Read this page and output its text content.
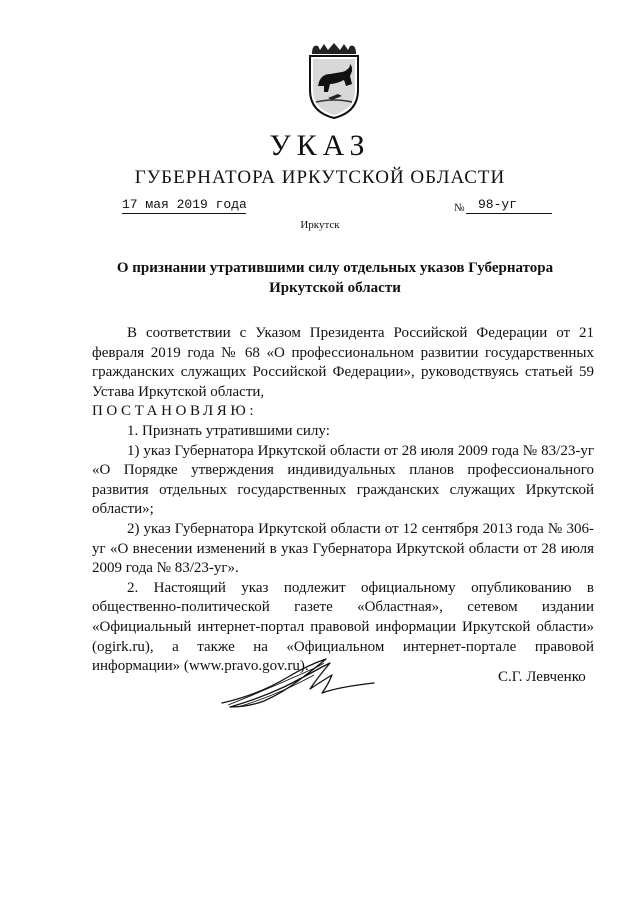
УКАЗ
ГУБЕРНАТОРА ИРКУТСКОЙ ОБЛАСТИ
17 мая 2019 года	№	98-уг
Иркутск
О признании утратившими силу отдельных указов Губернатора Иркутской области

В соответствии с Указом Президента Российской Федерации от 21 февраля 2019 года № 68 «О профессиональном развитии государственных гражданских служащих Российской Федерации», руководствуясь статьей 59 Устава Иркутской области,

ПОСТАНОВЛЯЮ:

1. Признать утратившими силу:

1) указ Губернатора Иркутской области от 28 июля 2009 года № 83/23-уг «О Порядке утверждения индивидуальных планов профессионального развития отдельных государственных гражданских служащих Иркутской области»;

2) указ Губернатора Иркутской области от 12 сентября 2013 года № 306-уг «О внесении изменений в указ Губернатора Иркутской области от 28 июля 2009 года № 83/23-уг».

2. Настоящий указ подлежит официальному опубликованию в общественно-политической газете «Областная», сетевом издании «Официальный интернет-портал правовой информации Иркутской области» (ogirk.ru), а также на «Официальном интернет-портале правовой информации» (www.pravo.gov.ru).

С.Г. Левченко
